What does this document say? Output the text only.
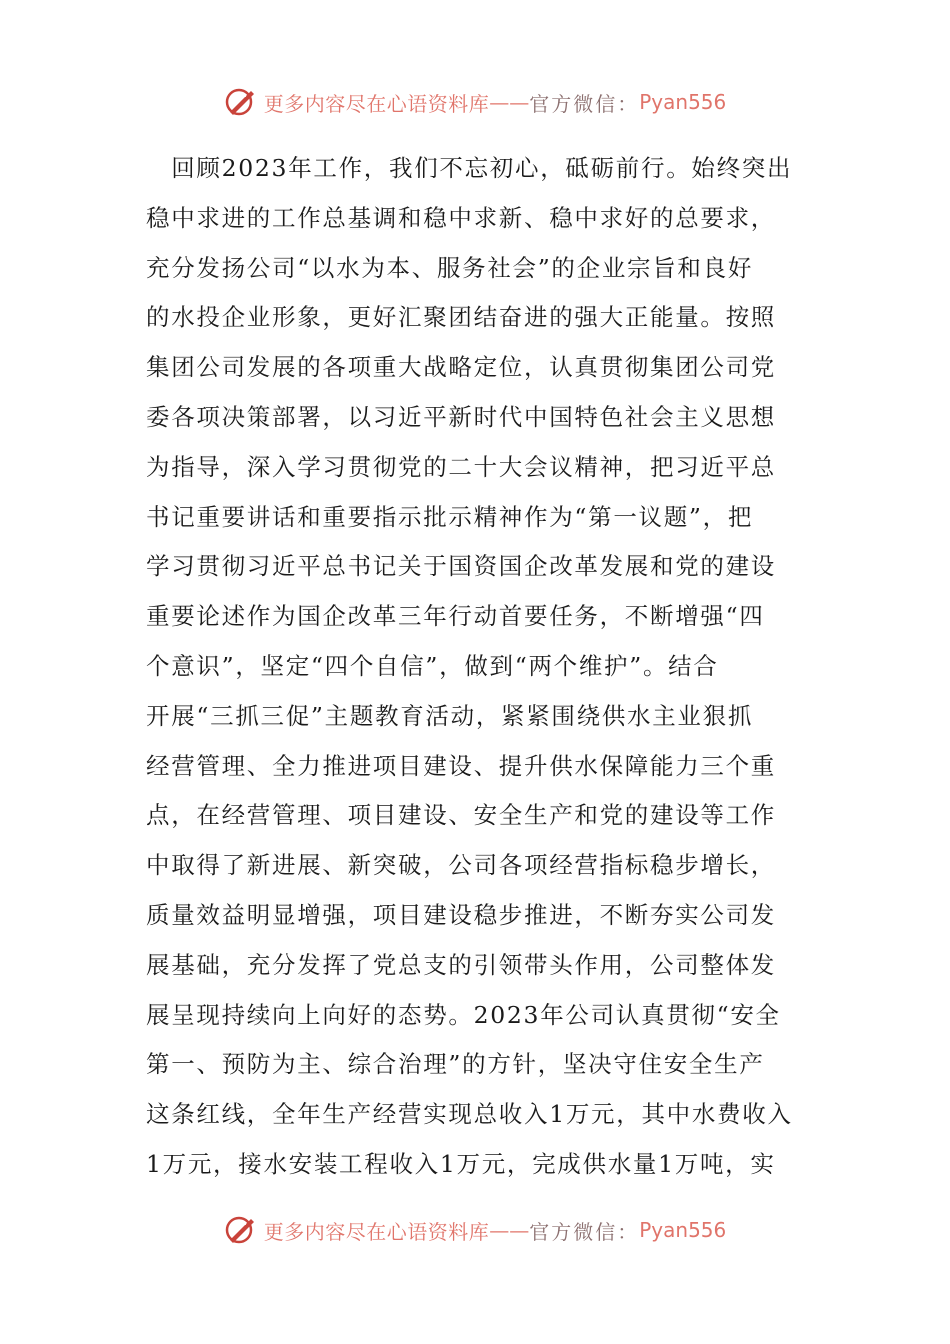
更多内容尽在心语资料库 —— 官方微信： Pyan556
　回顾2023年工作，我们不忘初心，砥砺前行。始终突出
稳中求进的工作总基调和稳中求新、稳中求好的总要求，
充分发扬公司“以水为本、服务社会”的企业宗旨和良好
的水投企业形象，更好汇聚团结奋进的强大正能量。按照
集团公司发展的各项重大战略定位，认真贯彻集团公司党
委各项决策部署，以习近平新时代中国特色社会主义思想
为指导，深入学习贯彻党的二十大会议精神，把习近平总
书记重要讲话和重要指示批示精神作为“第一议题”，把
学习贯彻习近平总书记关于国资国企改革发展和党的建设
重要论述作为国企改革三年行动首要任务，不断增强“四
个意识”，坚定“四个自信”，做到“两个维护”。结合
开展“三抓三促”主题教育活动，紧紧围绕供水主业狠抓
经营管理、全力推进项目建设、提升供水保障能力三个重
点，在经营管理、项目建设、安全生产和党的建设等工作
中取得了新进展、新突破，公司各项经营指标稳步增长，
质量效益明显增强，项目建设稳步推进，不断夯实公司发
展基础，充分发挥了党总支的引领带头作用，公司整体发
展呈现持续向上向好的态势。2023年公司认真贯彻“安全
第一、预防为主、综合治理”的方针，坚决守住安全生产
这条红线，全年生产经营实现总收入1万元，其中水费收入
1万元，接水安装工程收入1万元，完成供水量1万吨，实
更多内容尽在心语资料库 —— 官方微信： Pyan556
